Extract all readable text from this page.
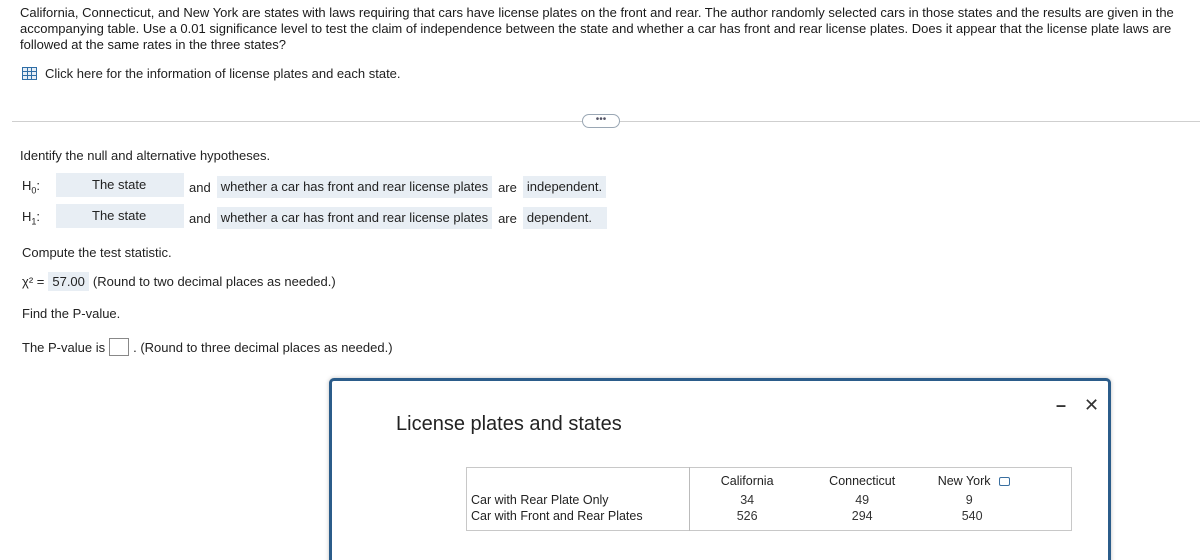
California, Connecticut, and New York are states with laws requiring that cars have license plates on the front and rear. The author randomly selected cars in those states and the results are given in the accompanying table. Use a 0.01 significance level to test the claim of independence between the state and whether a car has front and rear license plates. Does it appear that the license plate laws are followed at the same rates in the three states?
Click here for the information of license plates and each state.
•••
Identify the null and alternative hypotheses.
$H_0$:	The state	and whether a car has front and rear license plates are independent.
$H_1$:	The state	and whether a car has front and rear license plates are dependent.
Compute the test statistic.
χ² = 57.00 (Round to two decimal places as needed.)
Find the P-value.
The P-value is . (Round to three decimal places as needed.)
License plates and states
– ✕
	California	Connecticut	New York
Car with Rear Plate Only	34	49	9
Car with Front and Rear Plates	526	294	540
